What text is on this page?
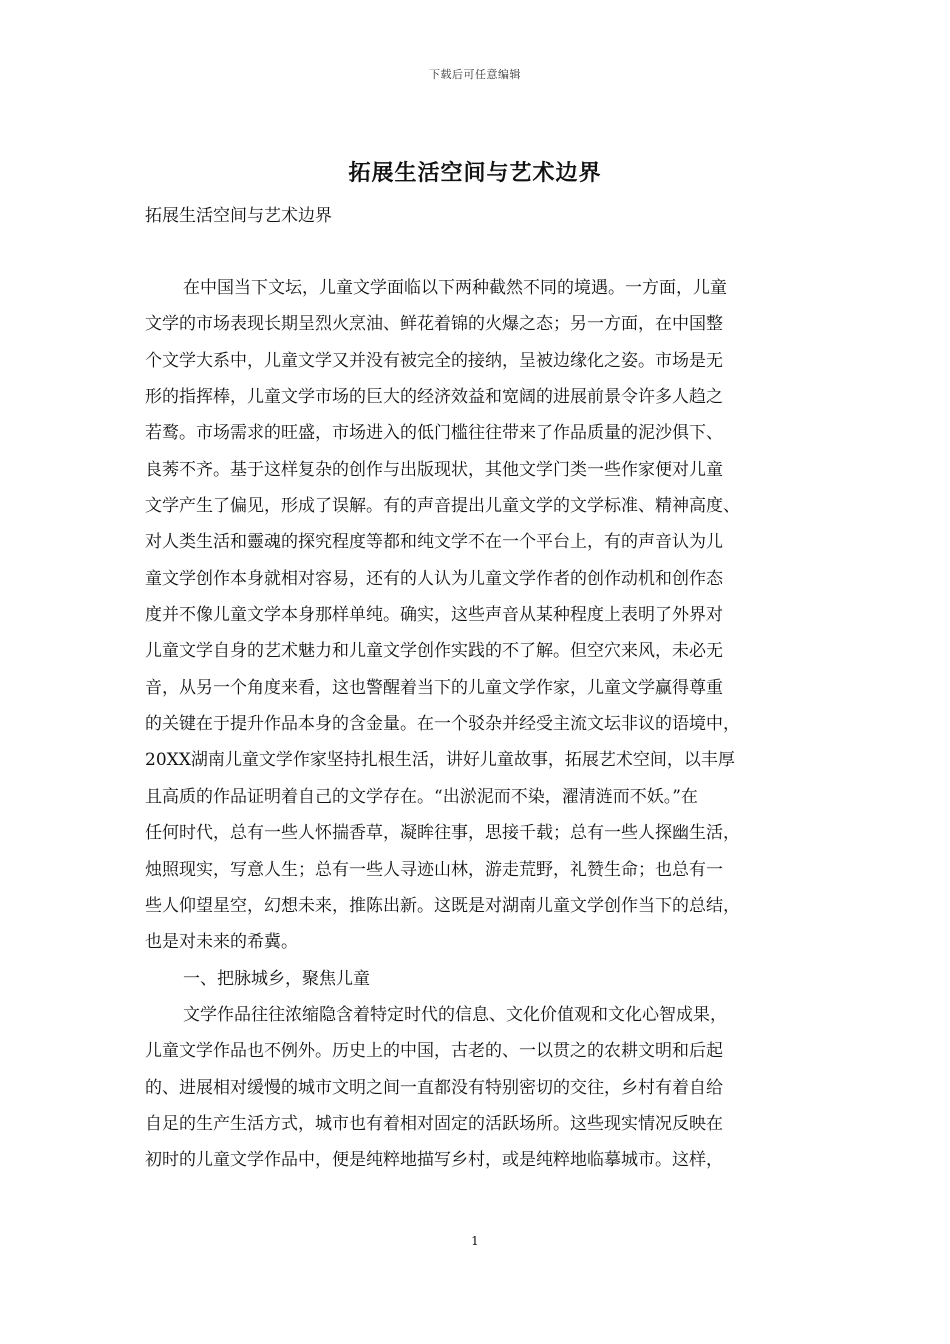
下载后可任意编辑
拓展生活空间与艺术边界
拓展生活空间与艺术边界
在中国当下文坛，儿童文学面临以下两种截然不同的境遇。一方面，儿童
文学的市场表现长期呈烈火烹油、鲜花着锦的火爆之态；另一方面，在中国整
个文学大系中，儿童文学又并没有被完全的接纳，呈被边缘化之姿。市场是无
形的指挥棒，儿童文学市场的巨大的经济效益和宽阔的进展前景令许多人趋之
若鹜。市场需求的旺盛，市场进入的低门槛往往带来了作品质量的泥沙俱下、
良莠不齐。基于这样复杂的创作与出版现状，其他文学门类一些作家便对儿童
文学产生了偏见，形成了误解。有的声音提出儿童文学的文学标准、精神高度、
对人类生活和靈魂的探究程度等都和纯文学不在一个平台上，有的声音认为儿
童文学创作本身就相对容易，还有的人认为儿童文学作者的创作动机和创作态
度并不像儿童文学本身那样单纯。确实，这些声音从某种程度上表明了外界对
儿童文学自身的艺术魅力和儿童文学创作实践的不了解。但空穴来风，未必无
音，从另一个角度来看，这也警醒着当下的儿童文学作家，儿童文学赢得尊重
的关键在于提升作品本身的含金量。在一个驳杂并经受主流文坛非议的语境中，
20XX湖南儿童文学作家坚持扎根生活，讲好儿童故事，拓展艺术空间，以丰厚
且高质的作品证明着自己的文学存在。“出淤泥而不染，濯清涟而不妖。”在
任何时代，总有一些人怀揣香草，凝眸往事，思接千载；总有一些人探幽生活，
烛照现实，写意人生；总有一些人寻迹山林，游走荒野，礼赞生命；也总有一
些人仰望星空，幻想未来，推陈出新。这既是对湖南儿童文学创作当下的总结，
也是对未来的希冀。
一、把脉城乡，聚焦儿童
文学作品往往浓缩隐含着特定时代的信息、文化价值观和文化心智成果，
儿童文学作品也不例外。历史上的中国，古老的、一以贯之的农耕文明和后起
的、进展相对缓慢的城市文明之间一直都没有特别密切的交往，乡村有着自给
自足的生产生活方式，城市也有着相对固定的活跃场所。这些现实情况反映在
初时的儿童文学作品中，便是纯粹地描写乡村，或是纯粹地临摹城市。这样，
1
